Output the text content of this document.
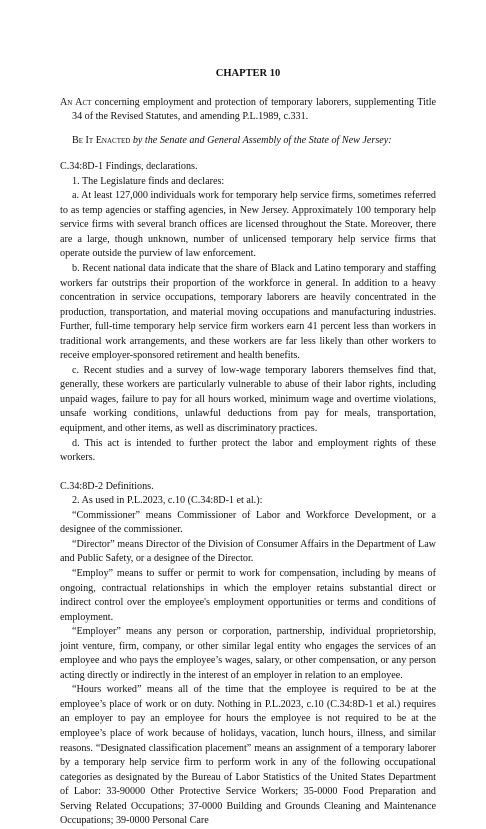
CHAPTER 10
An Act concerning employment and protection of temporary laborers, supplementing Title 34 of the Revised Statutes, and amending P.L.1989, c.331.
Be It Enacted by the Senate and General Assembly of the State of New Jersey:
C.34:8D-1 Findings, declarations.

1. The Legislature finds and declares:

a. At least 127,000 individuals work for temporary help service firms, sometimes referred to as temp agencies or staffing agencies, in New Jersey. Approximately 100 temporary help service firms with several branch offices are licensed throughout the State. Moreover, there are a large, though unknown, number of unlicensed temporary help service firms that operate outside the purview of law enforcement.

b. Recent national data indicate that the share of Black and Latino temporary and staffing workers far outstrips their proportion of the workforce in general. In addition to a heavy concentration in service occupations, temporary laborers are heavily concentrated in the production, transportation, and material moving occupations and manufacturing industries. Further, full-time temporary help service firm workers earn 41 percent less than workers in traditional work arrangements, and these workers are far less likely than other workers to receive employer-sponsored retirement and health benefits.

c. Recent studies and a survey of low-wage temporary laborers themselves find that, generally, these workers are particularly vulnerable to abuse of their labor rights, including unpaid wages, failure to pay for all hours worked, minimum wage and overtime violations, unsafe working conditions, unlawful deductions from pay for meals, transportation, equipment, and other items, as well as discriminatory practices.

d. This act is intended to further protect the labor and employment rights of these workers.

C.34:8D-2 Definitions.

2. As used in P.L.2023, c.10 (C.34:8D-1 et al.):

“Commissioner” means Commissioner of Labor and Workforce Development, or a designee of the commissioner.

“Director” means Director of the Division of Consumer Affairs in the Department of Law and Public Safety, or a designee of the Director.

“Employ” means to suffer or permit to work for compensation, including by means of ongoing, contractual relationships in which the employer retains substantial direct or indirect control over the employee's employment opportunities or terms and conditions of employment.

“Employer” means any person or corporation, partnership, individual proprietorship, joint venture, firm, company, or other similar legal entity who engages the services of an employee and who pays the employee’s wages, salary, or other compensation, or any person acting directly or indirectly in the interest of an employer in relation to an employee.

“Hours worked” means all of the time that the employee is required to be at the employee’s place of work or on duty. Nothing in P.L.2023, c.10 (C.34:8D-1 et al.) requires an employer to pay an employee for hours the employee is not required to be at the employee’s place of work because of holidays, vacation, lunch hours, illness, and similar reasons. “Designated classification placement” means an assignment of a temporary laborer by a temporary help service firm to perform work in any of the following occupational categories as designated by the Bureau of Labor Statistics of the United States Department of Labor: 33-90000 Other Protective Service Workers; 35-0000 Food Preparation and Serving Related Occupations; 37-0000 Building and Grounds Cleaning and Maintenance Occupations; 39-0000 Personal Care
